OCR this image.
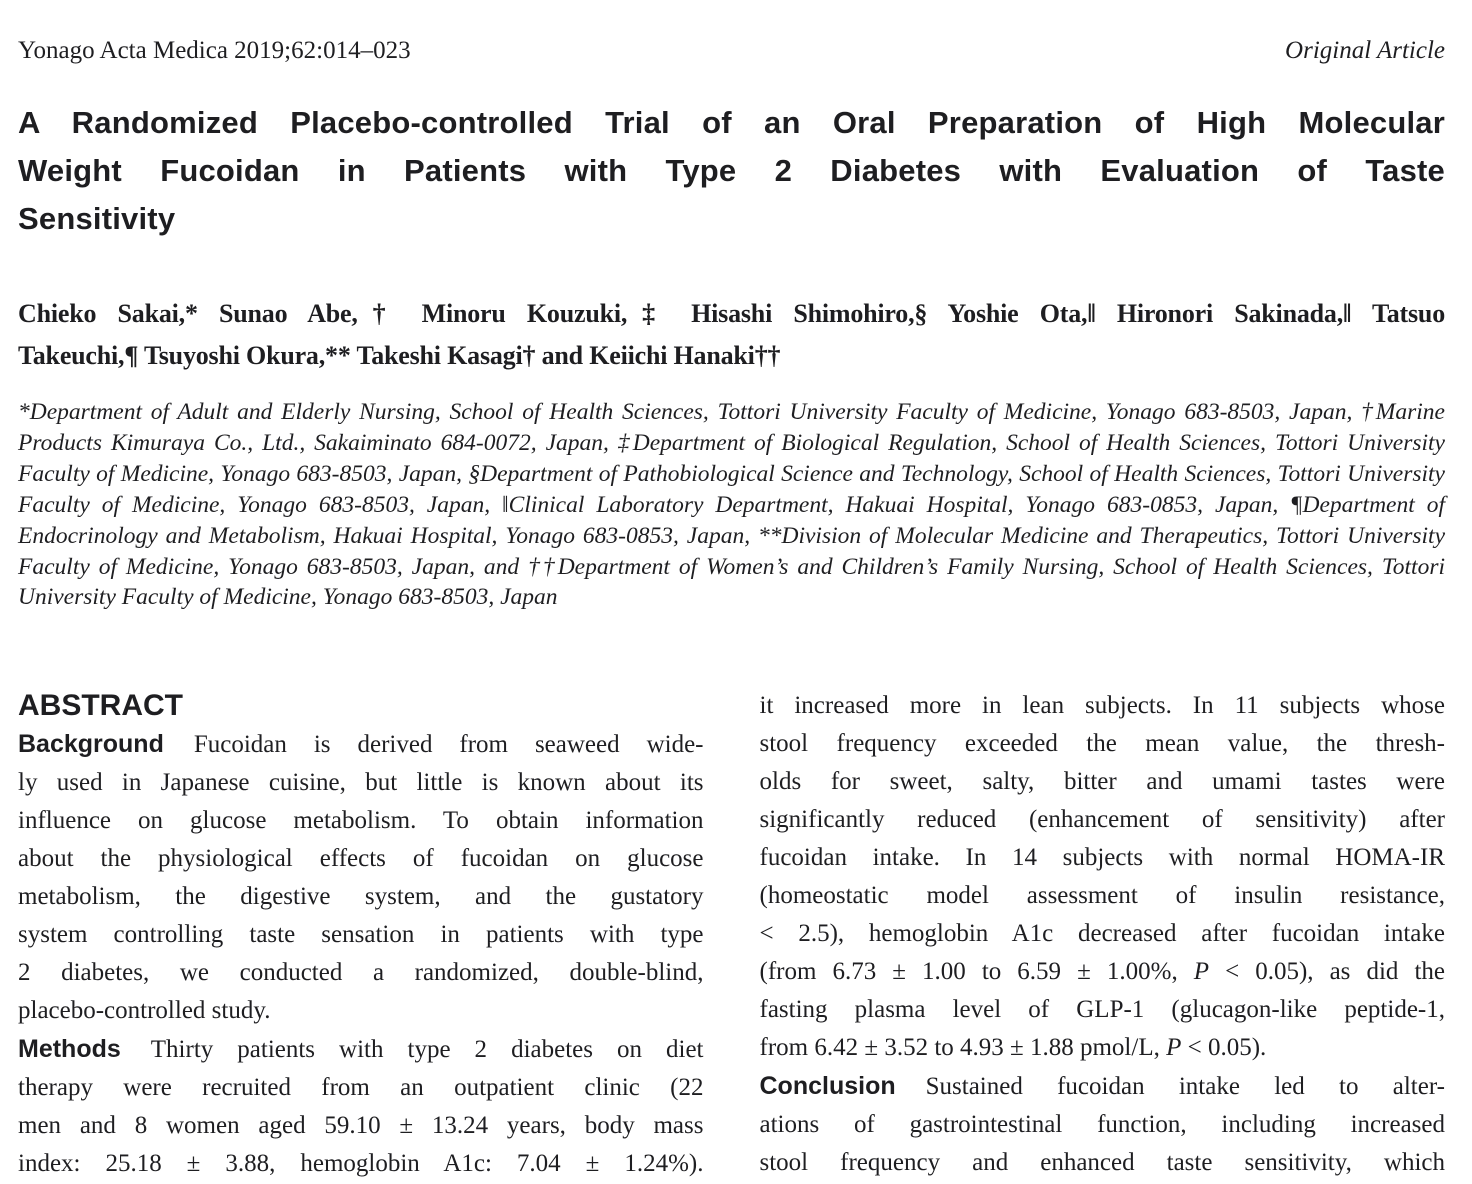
Yonago Acta Medica 2019;62:014–023	Original Article
A Randomized Placebo-controlled Trial of an Oral Preparation of High Molecular
Weight Fucoidan in Patients with Type 2 Diabetes with Evaluation of Taste
Sensitivity
Chieko Sakai,* Sunao Abe,† Minoru Kouzuki,‡ Hisashi Shimohiro,§ Yoshie Ota,‖ Hironori Sakinada,‖ Tatsuo
Takeuchi,¶ Tsuyoshi Okura,** Takeshi Kasagi† and Keiichi Hanaki††
*Department of Adult and Elderly Nursing, School of Health Sciences, Tottori University Faculty of Medicine, Yonago 683-8503, Japan, †Marine Products Kimuraya Co., Ltd., Sakaiminato 684-0072, Japan, ‡Department of Biological Regulation, School of Health Sciences, Tottori University Faculty of Medicine, Yonago 683-8503, Japan, §Department of Pathobiological Science and Technology, School of Health Sciences, Tottori University Faculty of Medicine, Yonago 683-8503, Japan, ‖Clinical Laboratory Department, Hakuai Hospital, Yonago 683-0853, Japan, ¶Department of Endocrinology and Metabolism, Hakuai Hospital, Yonago 683-0853, Japan, **Division of Molecular Medicine and Therapeutics, Tottori University Faculty of Medicine, Yonago 683-8503, Japan, and ††Department of Women’s and Children’s Family Nursing, School of Health Sciences, Tottori University Faculty of Medicine, Yonago 683-8503, Japan
ABSTRACT
Background Fucoidan is derived from seaweed wide-
ly used in Japanese cuisine, but little is known about its
influence on glucose metabolism. To obtain information
about the physiological effects of fucoidan on glucose
metabolism, the digestive system, and the gustatory
system controlling taste sensation in patients with type
2 diabetes, we conducted a randomized, double-blind,
placebo-controlled study.
Methods Thirty patients with type 2 diabetes on diet
therapy were recruited from an outpatient clinic (22
men and 8 women aged 59.10 ± 13.24 years, body mass
index: 25.18 ± 3.88, hemoglobin A1c: 7.04 ± 1.24%).
it increased more in lean subjects. In 11 subjects whose
stool frequency exceeded the mean value, the thresh-
olds for sweet, salty, bitter and umami tastes were
significantly reduced (enhancement of sensitivity) after
fucoidan intake. In 14 subjects with normal HOMA-IR
(homeostatic model assessment of insulin resistance,
< 2.5), hemoglobin A1c decreased after fucoidan intake
(from 6.73 ± 1.00 to 6.59 ± 1.00%, P < 0.05), as did the
fasting plasma level of GLP-1 (glucagon-like peptide-1,
from 6.42 ± 3.52 to 4.93 ± 1.88 pmol/L, P < 0.05).
Conclusion Sustained fucoidan intake led to alter-
ations of gastrointestinal function, including increased
stool frequency and enhanced taste sensitivity, which
